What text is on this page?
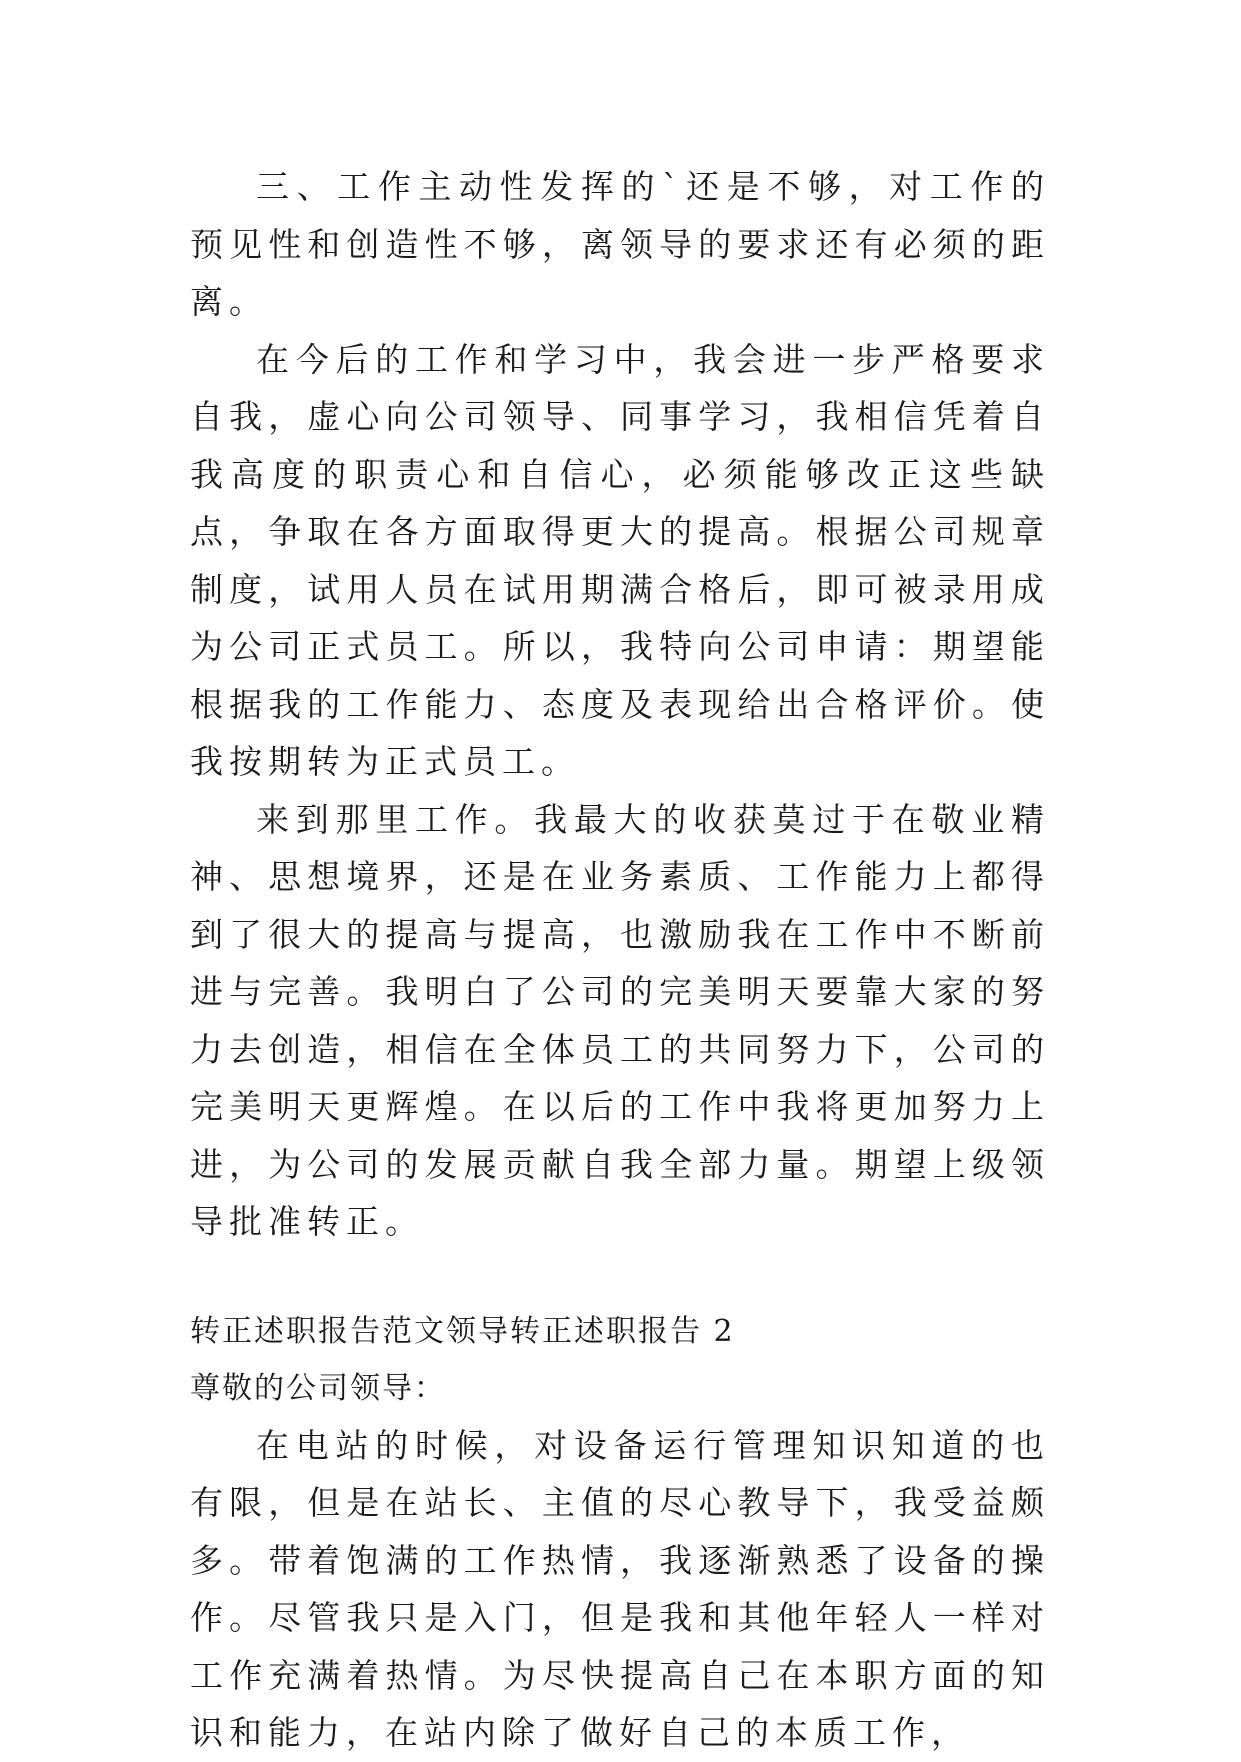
三、工作主动性发挥的`还是不够，对工作的预见性和创造性不够，离领导的要求还有必须的距离。

在今后的工作和学习中，我会进一步严格要求自我，虚心向公司领导、同事学习，我相信凭着自我高度的职责心和自信心，必须能够改正这些缺点，争取在各方面取得更大的提高。根据公司规章制度，试用人员在试用期满合格后，即可被录用成为公司正式员工。所以，我特向公司申请：期望能根据我的工作能力、态度及表现给出合格评价。使我按期转为正式员工。

来到那里工作。我最大的收获莫过于在敬业精神、思想境界，还是在业务素质、工作能力上都得到了很大的提高与提高，也激励我在工作中不断前进与完善。我明白了公司的完美明天要靠大家的努力去创造，相信在全体员工的共同努力下，公司的完美明天更辉煌。在以后的工作中我将更加努力上进，为公司的发展贡献自我全部力量。期望上级领导批准转正。

转正述职报告范文领导转正述职报告 2

尊敬的公司领导：

在电站的时候，对设备运行管理知识知道的也有限，但是在站长、主值的尽心教导下，我受益颇多。带着饱满的工作热情，我逐渐熟悉了设备的操作。尽管我只是入门，但是我和其他年轻人一样对工作充满着热情。为尽快提高自己在本职方面的知识和能力，在站内除了做好自己的本质工作，
